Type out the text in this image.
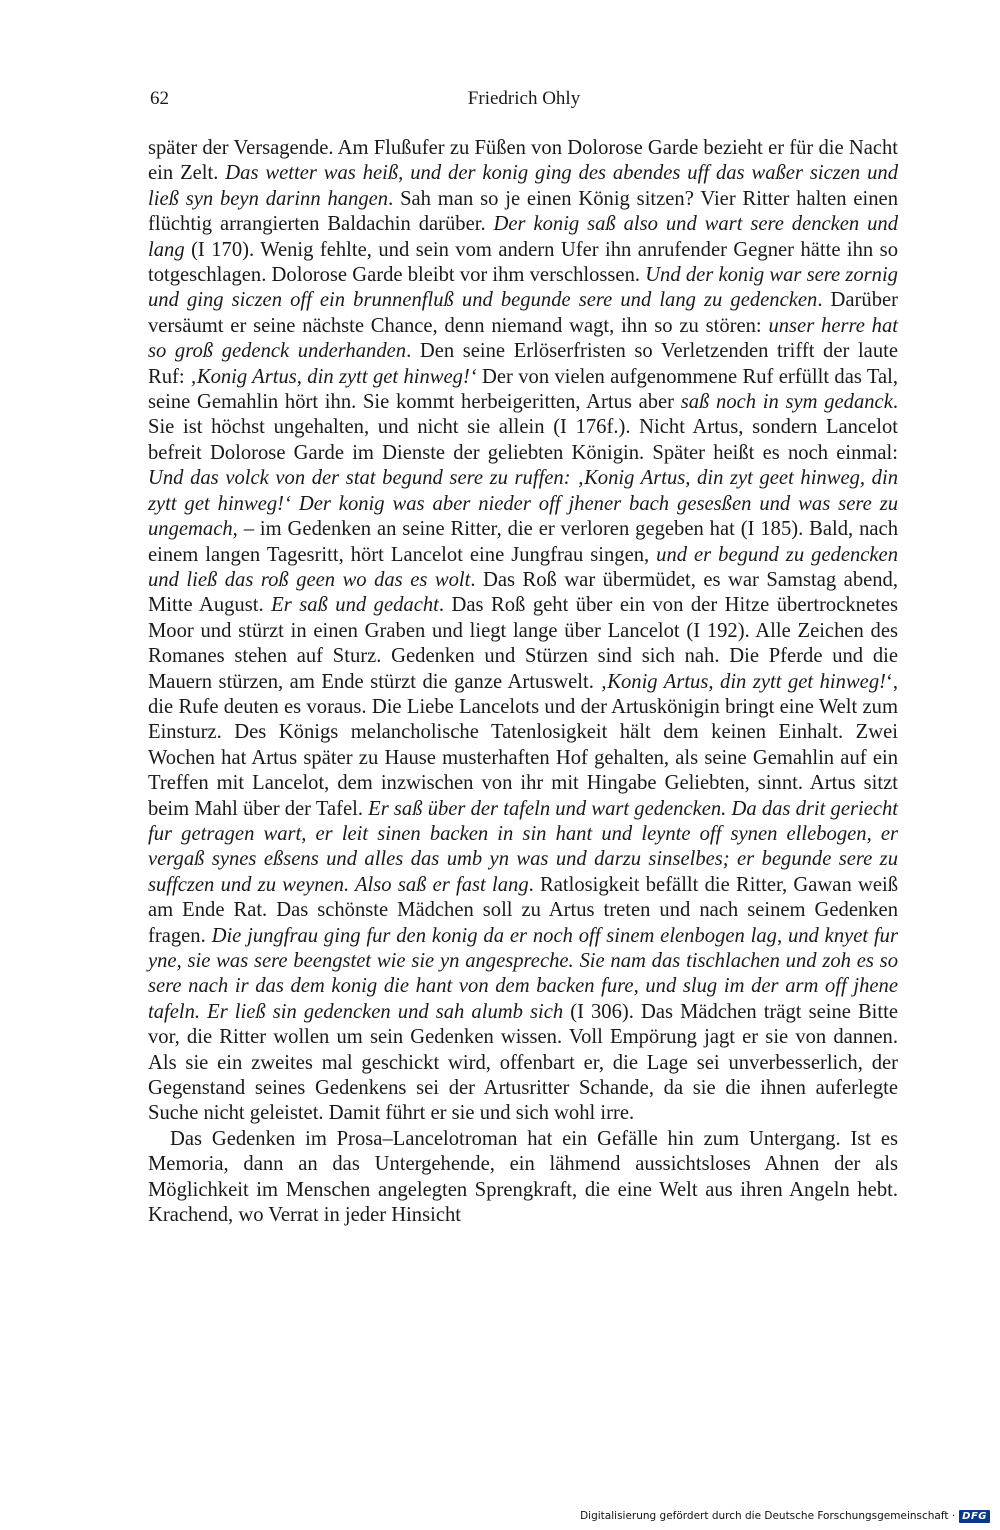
62	Friedrich Ohly

später der Versagende. Am Flußufer zu Füßen von Dolorose Garde bezieht er für die Nacht ein Zelt. Das wetter was heiß, und der konig ging des abendes uff das waßer siczen und ließ syn beyn darinn hangen. Sah man so je einen König sitzen? Vier Ritter halten einen flüchtig arrangierten Baldachin darüber. Der konig saß also und wart sere dencken und lang (I 170). Wenig fehlte, und sein vom andern Ufer ihn anrufender Gegner hätte ihn so totgeschlagen. Dolorose Garde bleibt vor ihm verschlossen. Und der konig war sere zornig und ging siczen off ein brunnenfluß und begunde sere und lang zu gedencken. Darüber versäumt er seine nächste Chance, denn niemand wagt, ihn so zu stören: unser herre hat so groß gedenck underhanden. Den seine Erlöserfristen so Verletzenden trifft der laute Ruf: ‚Konig Artus, din zytt get hinweg!‘ Der von vielen aufgenommene Ruf erfüllt das Tal, seine Gemahlin hört ihn. Sie kommt herbeigeritten, Artus aber saß noch in sym gedanck. Sie ist höchst ungehalten, und nicht sie allein (I 176f.). Nicht Artus, sondern Lancelot befreit Dolorose Garde im Dienste der geliebten Königin. Später heißt es noch einmal: Und das volck von der stat begund sere zu ruffen: ‚Konig Artus, din zyt geet hinweg, din zytt get hinweg!‘ Der konig was aber nieder off jhener bach gesesßen und was sere zu ungemach, – im Gedenken an seine Ritter, die er verloren gegeben hat (I 185). Bald, nach einem langen Tagesritt, hört Lancelot eine Jungfrau singen, und er begund zu gedencken und ließ das roß geen wo das es wolt. Das Roß war übermüdet, es war Samstag abend, Mitte August. Er saß und gedacht. Das Roß geht über ein von der Hitze übertrocknetes Moor und stürzt in einen Graben und liegt lange über Lancelot (I 192). Alle Zeichen des Romanes stehen auf Sturz. Gedenken und Stürzen sind sich nah. Die Pferde und die Mauern stürzen, am Ende stürzt die ganze Artuswelt. ‚Konig Artus, din zytt get hinweg!‘, die Rufe deuten es voraus. Die Liebe Lancelots und der Artuskönigin bringt eine Welt zum Einsturz. Des Königs melancholische Tatenlosigkeit hält dem keinen Einhalt. Zwei Wochen hat Artus später zu Hause musterhaften Hof gehalten, als seine Gemahlin auf ein Treffen mit Lancelot, dem inzwischen von ihr mit Hingabe Geliebten, sinnt. Artus sitzt beim Mahl über der Tafel. Er saß über der tafeln und wart gedencken. Da das drit geriecht fur getragen wart, er leit sinen backen in sin hant und leynte off synen ellebogen, er vergaß synes eßsens und alles das umb yn was und darzu sinselbes; er begunde sere zu suffczen und zu weynen. Also saß er fast lang. Ratlosigkeit befällt die Ritter, Gawan weiß am Ende Rat. Das schönste Mädchen soll zu Artus treten und nach seinem Gedenken fragen. Die jungfrau ging fur den konig da er noch off sinem elenbogen lag, und knyet fur yne, sie was sere beengstet wie sie yn angespreche. Sie nam das tischlachen und zoh es so sere nach ir das dem konig die hant von dem backen fure, und slug im der arm off jhene tafeln. Er ließ sin gedencken und sah alumb sich (I 306). Das Mädchen trägt seine Bitte vor, die Ritter wollen um sein Gedenken wissen. Voll Empörung jagt er sie von dannen. Als sie ein zweites mal geschickt wird, offenbart er, die Lage sei unverbesserlich, der Gegenstand seines Gedenkens sei der Artusritter Schande, da sie die ihnen auferlegte Suche nicht geleistet. Damit führt er sie und sich wohl irre.

Das Gedenken im Prosa–Lancelotroman hat ein Gefälle hin zum Untergang. Ist es Memoria, dann an das Untergehende, ein lähmend aussichtsloses Ahnen der als Möglichkeit im Menschen angelegten Sprengkraft, die eine Welt aus ihren Angeln hebt. Krachend, wo Verrat in jeder Hinsicht

Digitalisierung gefördert durch die Deutsche Forschungsgemeinschaft · DFG
